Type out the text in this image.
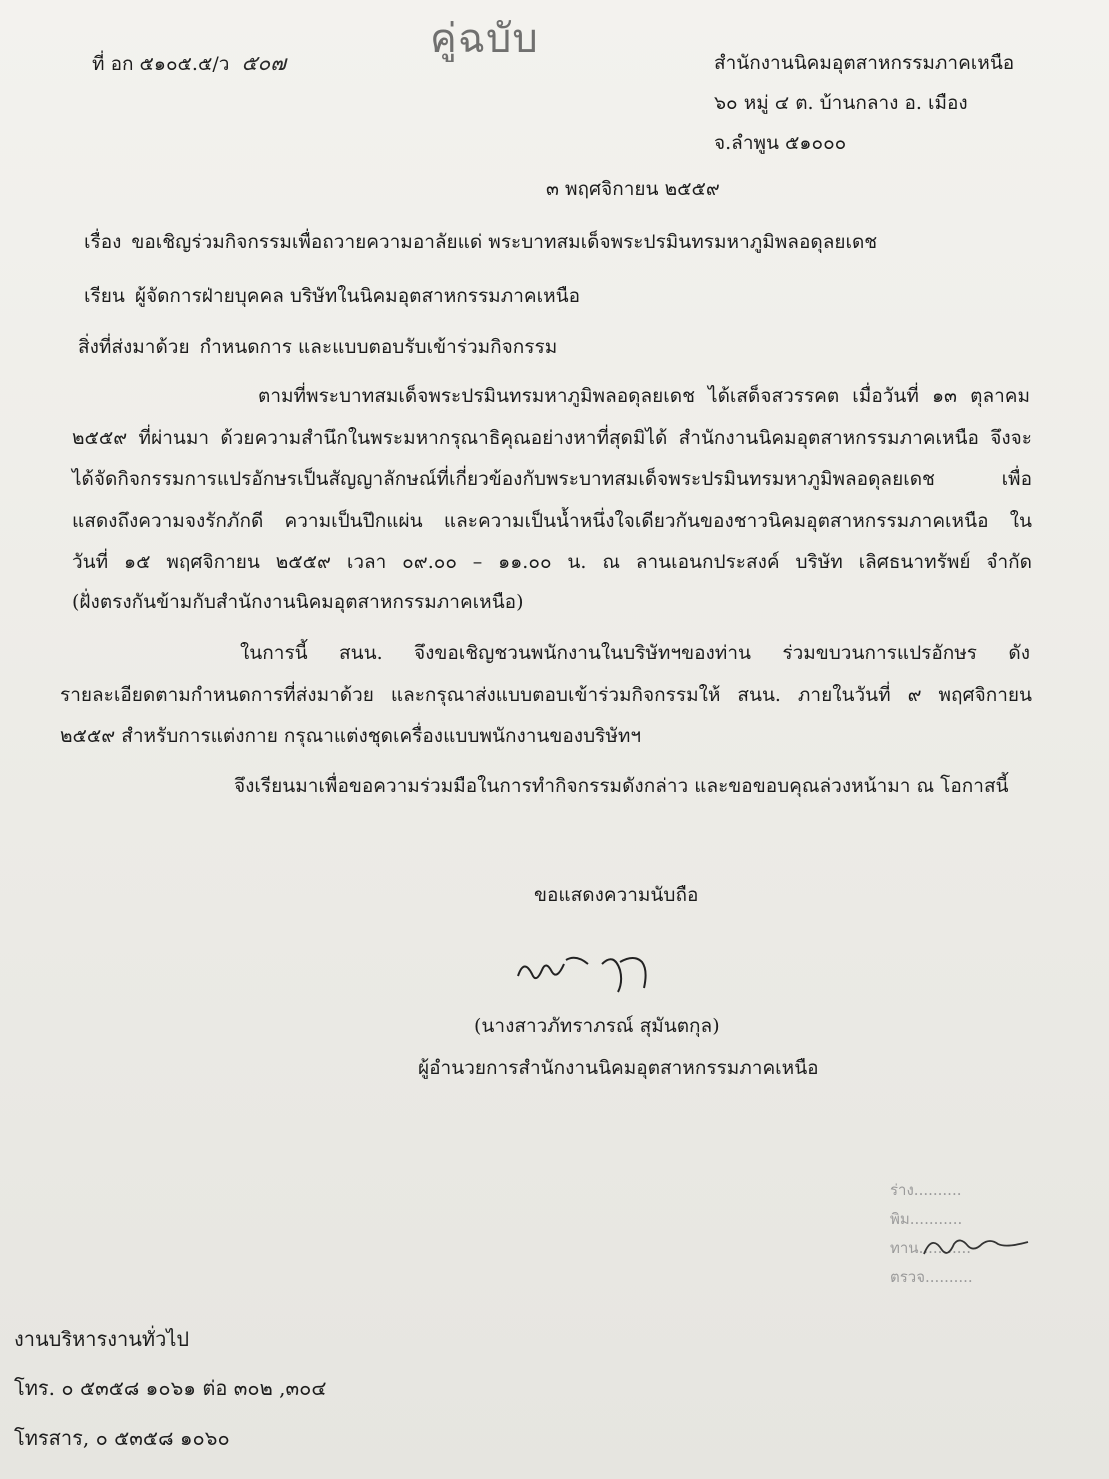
คู่ฉบับ
ที่ อก ๕๑๐๕.๕/ว ๕๐๗	สำนักงานนิคมอุตสาหกรรมภาคเหนือ
๖๐ หมู่ ๔ ต. บ้านกลาง อ. เมือง
จ.ลำพูน ๕๑๐๐๐
๓ พฤศจิกายน ๒๕๕๙
เรื่อง ขอเชิญร่วมกิจกรรมเพื่อถวายความอาลัยแด่ พระบาทสมเด็จพระปรมินทรมหาภูมิพลอดุลยเดช
เรียน ผู้จัดการฝ่ายบุคคล บริษัทในนิคมอุตสาหกรรมภาคเหนือ
สิ่งที่ส่งมาด้วย กำหนดการ และแบบตอบรับเข้าร่วมกิจกรรม
ตามที่พระบาทสมเด็จพระปรมินทรมหาภูมิพลอดุลยเดช ได้เสด็จสวรรคต เมื่อวันที่ ๑๓ ตุลาคม
๒๕๕๙ ที่ผ่านมา ด้วยความสำนึกในพระมหากรุณาธิคุณอย่างหาที่สุดมิได้ สำนักงานนิคมอุตสาหกรรมภาคเหนือ จึงจะ
ได้จัดกิจกรรมการแปรอักษรเป็นสัญญาลักษณ์ที่เกี่ยวข้องกับพระบาทสมเด็จพระปรมินทรมหาภูมิพลอดุลยเดช เพื่อ
แสดงถึงความจงรักภักดี ความเป็นปึกแผ่น และความเป็นน้ำหนึ่งใจเดียวกันของชาวนิคมอุตสาหกรรมภาคเหนือ ใน
วันที่ ๑๕ พฤศจิกายน ๒๕๕๙ เวลา ๐๙.๐๐ – ๑๑.๐๐ น. ณ ลานเอนกประสงค์ บริษัท เลิศธนาทรัพย์ จำกัด
(ฝั่งตรงกันข้ามกับสำนักงานนิคมอุตสาหกรรมภาคเหนือ)
ในการนี้ สนน. จึงขอเชิญชวนพนักงานในบริษัทฯของท่าน ร่วมขบวนการแปรอักษร ดัง
รายละเอียดตามกำหนดการที่ส่งมาด้วย และกรุณาส่งแบบตอบเข้าร่วมกิจกรรมให้ สนน. ภายในวันที่ ๙ พฤศจิกายน
๒๕๕๙ สำหรับการแต่งกาย กรุณาแต่งชุดเครื่องแบบพนักงานของบริษัทฯ
จึงเรียนมาเพื่อขอความร่วมมือในการทำกิจกรรมดังกล่าว และขอขอบคุณล่วงหน้ามา ณ โอกาสนี้
ขอแสดงความนับถือ
(นางสาวภัทราภรณ์ สุมันตกุล)
ผู้อำนวยการสำนักงานนิคมอุตสาหกรรมภาคเหนือ
ร่าง..........
พิม...........
ทาน...........
ตรวจ..........
งานบริหารงานทั่วไป
โทร. ๐ ๕๓๕๘ ๑๐๖๑ ต่อ ๓๐๒ ,๓๐๔
โทรสาร, ๐ ๕๓๕๘ ๑๐๖๐
